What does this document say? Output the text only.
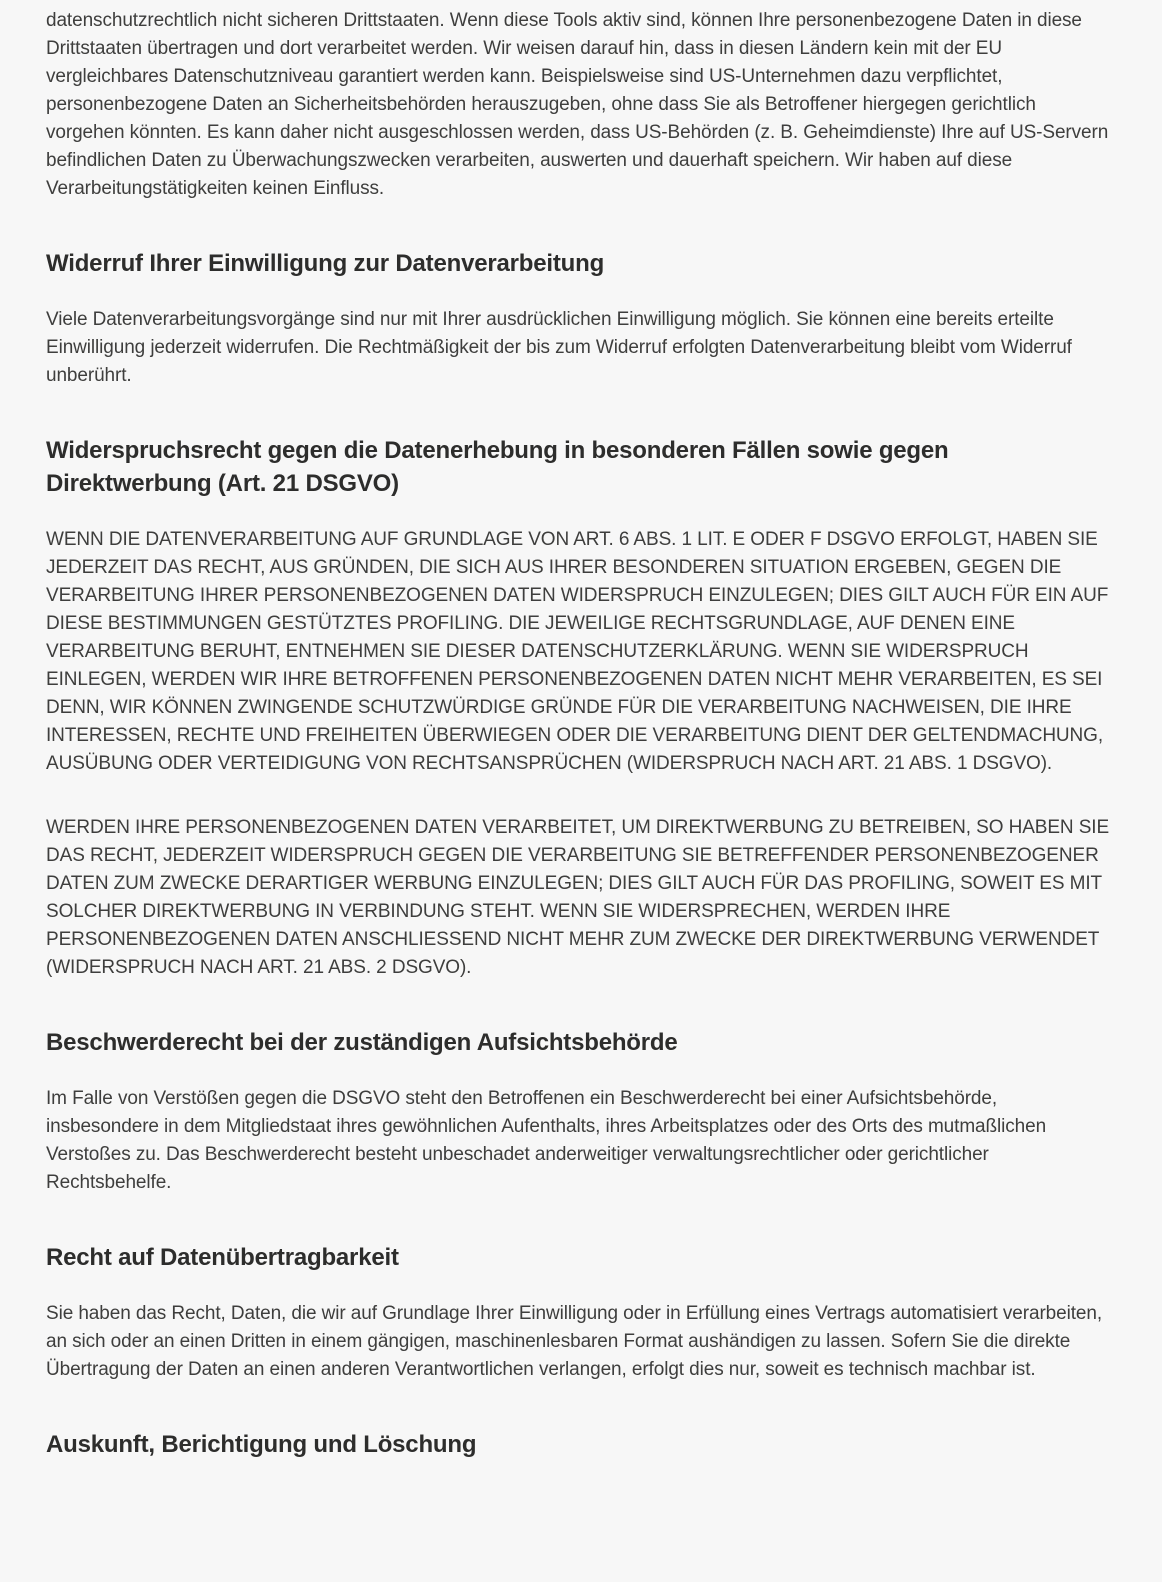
datenschutzrechtlich nicht sicheren Drittstaaten. Wenn diese Tools aktiv sind, können Ihre personenbezogene Daten in diese Drittstaaten übertragen und dort verarbeitet werden. Wir weisen darauf hin, dass in diesen Ländern kein mit der EU vergleichbares Datenschutzniveau garantiert werden kann. Beispielsweise sind US-Unternehmen dazu verpflichtet, personenbezogene Daten an Sicherheitsbehörden herauszugeben, ohne dass Sie als Betroffener hiergegen gerichtlich vorgehen könnten. Es kann daher nicht ausgeschlossen werden, dass US-Behörden (z. B. Geheimdienste) Ihre auf US-Servern befindlichen Daten zu Überwachungszwecken verarbeiten, auswerten und dauerhaft speichern. Wir haben auf diese Verarbeitungstätigkeiten keinen Einfluss.

Widerruf Ihrer Einwilligung zur Datenverarbeitung

Viele Datenverarbeitungsvorgänge sind nur mit Ihrer ausdrücklichen Einwilligung möglich. Sie können eine bereits erteilte Einwilligung jederzeit widerrufen. Die Rechtmäßigkeit der bis zum Widerruf erfolgten Datenverarbeitung bleibt vom Widerruf unberührt.

Widerspruchsrecht gegen die Datenerhebung in besonderen Fällen sowie gegen Direktwerbung (Art. 21 DSGVO)

WENN DIE DATENVERARBEITUNG AUF GRUNDLAGE VON ART. 6 ABS. 1 LIT. E ODER F DSGVO ERFOLGT, HABEN SIE JEDERZEIT DAS RECHT, AUS GRÜNDEN, DIE SICH AUS IHRER BESONDEREN SITUATION ERGEBEN, GEGEN DIE VERARBEITUNG IHRER PERSONENBEZOGENEN DATEN WIDERSPRUCH EINZULEGEN; DIES GILT AUCH FÜR EIN AUF DIESE BESTIMMUNGEN GESTÜTZTES PROFILING. DIE JEWEILIGE RECHTSGRUNDLAGE, AUF DENEN EINE VERARBEITUNG BERUHT, ENTNEHMEN SIE DIESER DATENSCHUTZERKLÄRUNG. WENN SIE WIDERSPRUCH EINLEGEN, WERDEN WIR IHRE BETROFFENEN PERSONENBEZOGENEN DATEN NICHT MEHR VERARBEITEN, ES SEI DENN, WIR KÖNNEN ZWINGENDE SCHUTZWÜRDIGE GRÜNDE FÜR DIE VERARBEITUNG NACHWEISEN, DIE IHRE INTERESSEN, RECHTE UND FREIHEITEN ÜBERWIEGEN ODER DIE VERARBEITUNG DIENT DER GELTENDMACHUNG, AUSÜBUNG ODER VERTEIDIGUNG VON RECHTSANSPRÜCHEN (WIDERSPRUCH NACH ART. 21 ABS. 1 DSGVO).

WERDEN IHRE PERSONENBEZOGENEN DATEN VERARBEITET, UM DIREKTWERBUNG ZU BETREIBEN, SO HABEN SIE DAS RECHT, JEDERZEIT WIDERSPRUCH GEGEN DIE VERARBEITUNG SIE BETREFFENDER PERSONENBEZOGENER DATEN ZUM ZWECKE DERARTIGER WERBUNG EINZULEGEN; DIES GILT AUCH FÜR DAS PROFILING, SOWEIT ES MIT SOLCHER DIREKTWERBUNG IN VERBINDUNG STEHT. WENN SIE WIDERSPRECHEN, WERDEN IHRE PERSONENBEZOGENEN DATEN ANSCHLIESSEND NICHT MEHR ZUM ZWECKE DER DIREKTWERBUNG VERWENDET (WIDERSPRUCH NACH ART. 21 ABS. 2 DSGVO).

Beschwerderecht bei der zuständigen Aufsichtsbehörde

Im Falle von Verstößen gegen die DSGVO steht den Betroffenen ein Beschwerderecht bei einer Aufsichtsbehörde, insbesondere in dem Mitgliedstaat ihres gewöhnlichen Aufenthalts, ihres Arbeitsplatzes oder des Orts des mutmaßlichen Verstoßes zu. Das Beschwerderecht besteht unbeschadet anderweitiger verwaltungsrechtlicher oder gerichtlicher Rechtsbehelfe.

Recht auf Datenübertragbarkeit

Sie haben das Recht, Daten, die wir auf Grundlage Ihrer Einwilligung oder in Erfüllung eines Vertrags automatisiert verarbeiten, an sich oder an einen Dritten in einem gängigen, maschinenlesbaren Format aushändigen zu lassen. Sofern Sie die direkte Übertragung der Daten an einen anderen Verantwortlichen verlangen, erfolgt dies nur, soweit es technisch machbar ist.

Auskunft, Berichtigung und Löschung
